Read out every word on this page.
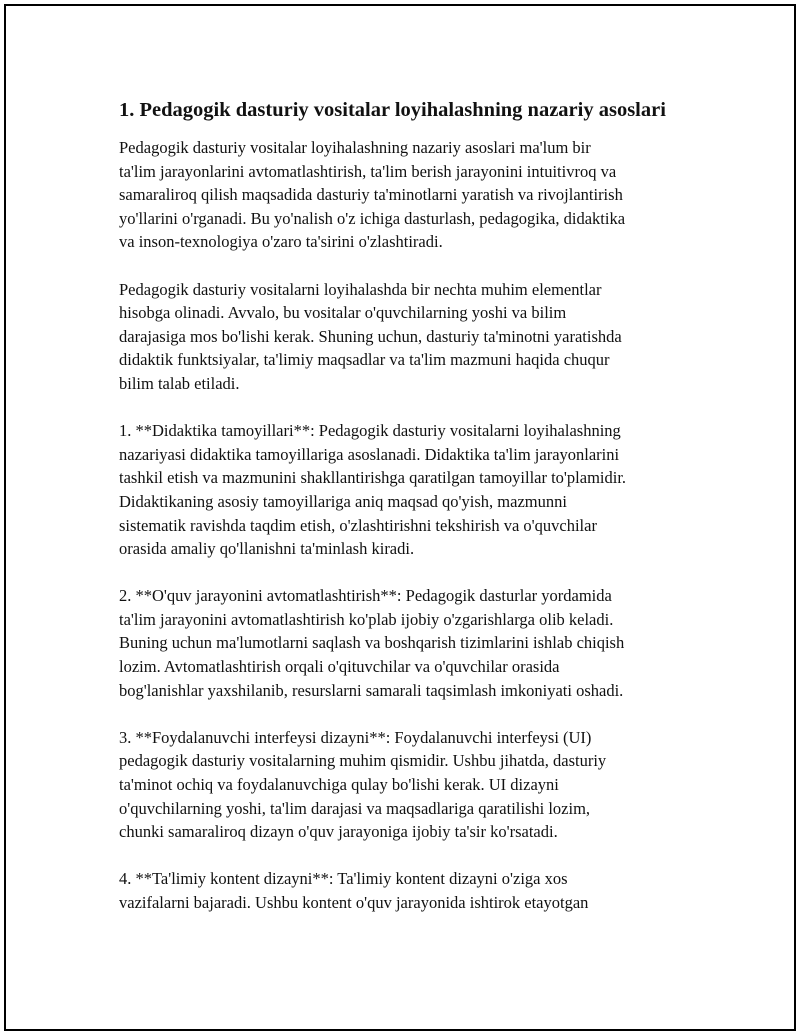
1. Pedagogik dasturiy vositalar loyihalashning nazariy asoslari

Pedagogik dasturiy vositalar loyihalashning nazariy asoslari ma'lum bir
ta'lim jarayonlarini avtomatlashtirish, ta'lim berish jarayonini intuitivroq va
samaraliroq qilish maqsadida dasturiy ta'minotlarni yaratish va rivojlantirish
yo'llarini o'rganadi. Bu yo'nalish o'z ichiga dasturlash, pedagogika, didaktika
va inson-texnologiya o'zaro ta'sirini o'zlashtiradi.

Pedagogik dasturiy vositalarni loyihalashda bir nechta muhim elementlar
hisobga olinadi. Avvalo, bu vositalar o'quvchilarning yoshi va bilim
darajasiga mos bo'lishi kerak. Shuning uchun, dasturiy ta'minotni yaratishda
didaktik funktsiyalar, ta'limiy maqsadlar va ta'lim mazmuni haqida chuqur
bilim talab etiladi.

1. **Didaktika tamoyillari**: Pedagogik dasturiy vositalarni loyihalashning
nazariyasi didaktika tamoyillariga asoslanadi. Didaktika ta'lim jarayonlarini
tashkil etish va mazmunini shakllantirishga qaratilgan tamoyillar to'plamidir.
Didaktikaning asosiy tamoyillariga aniq maqsad qo'yish, mazmunni
sistematik ravishda taqdim etish, o'zlashtirishni tekshirish va o'quvchilar
orasida amaliy qo'llanishni ta'minlash kiradi.

2. **O'quv jarayonini avtomatlashtirish**: Pedagogik dasturlar yordamida
ta'lim jarayonini avtomatlashtirish ko'plab ijobiy o'zgarishlarga olib keladi.
Buning uchun ma'lumotlarni saqlash va boshqarish tizimlarini ishlab chiqish
lozim. Avtomatlashtirish orqali o'qituvchilar va o'quvchilar orasida
bog'lanishlar yaxshilanib, resurslarni samarali taqsimlash imkoniyati oshadi.

3. **Foydalanuvchi interfeysi dizayni**: Foydalanuvchi interfeysi (UI)
pedagogik dasturiy vositalarning muhim qismidir. Ushbu jihatda, dasturiy
ta'minot ochiq va foydalanuvchiga qulay bo'lishi kerak. UI dizayni
o'quvchilarning yoshi, ta'lim darajasi va maqsadlariga qaratilishi lozim,
chunki samaraliroq dizayn o'quv jarayoniga ijobiy ta'sir ko'rsatadi.

4. **Ta'limiy kontent dizayni**: Ta'limiy kontent dizayni o'ziga xos
vazifalarni bajaradi. Ushbu kontent o'quv jarayonida ishtirok etayotgan
